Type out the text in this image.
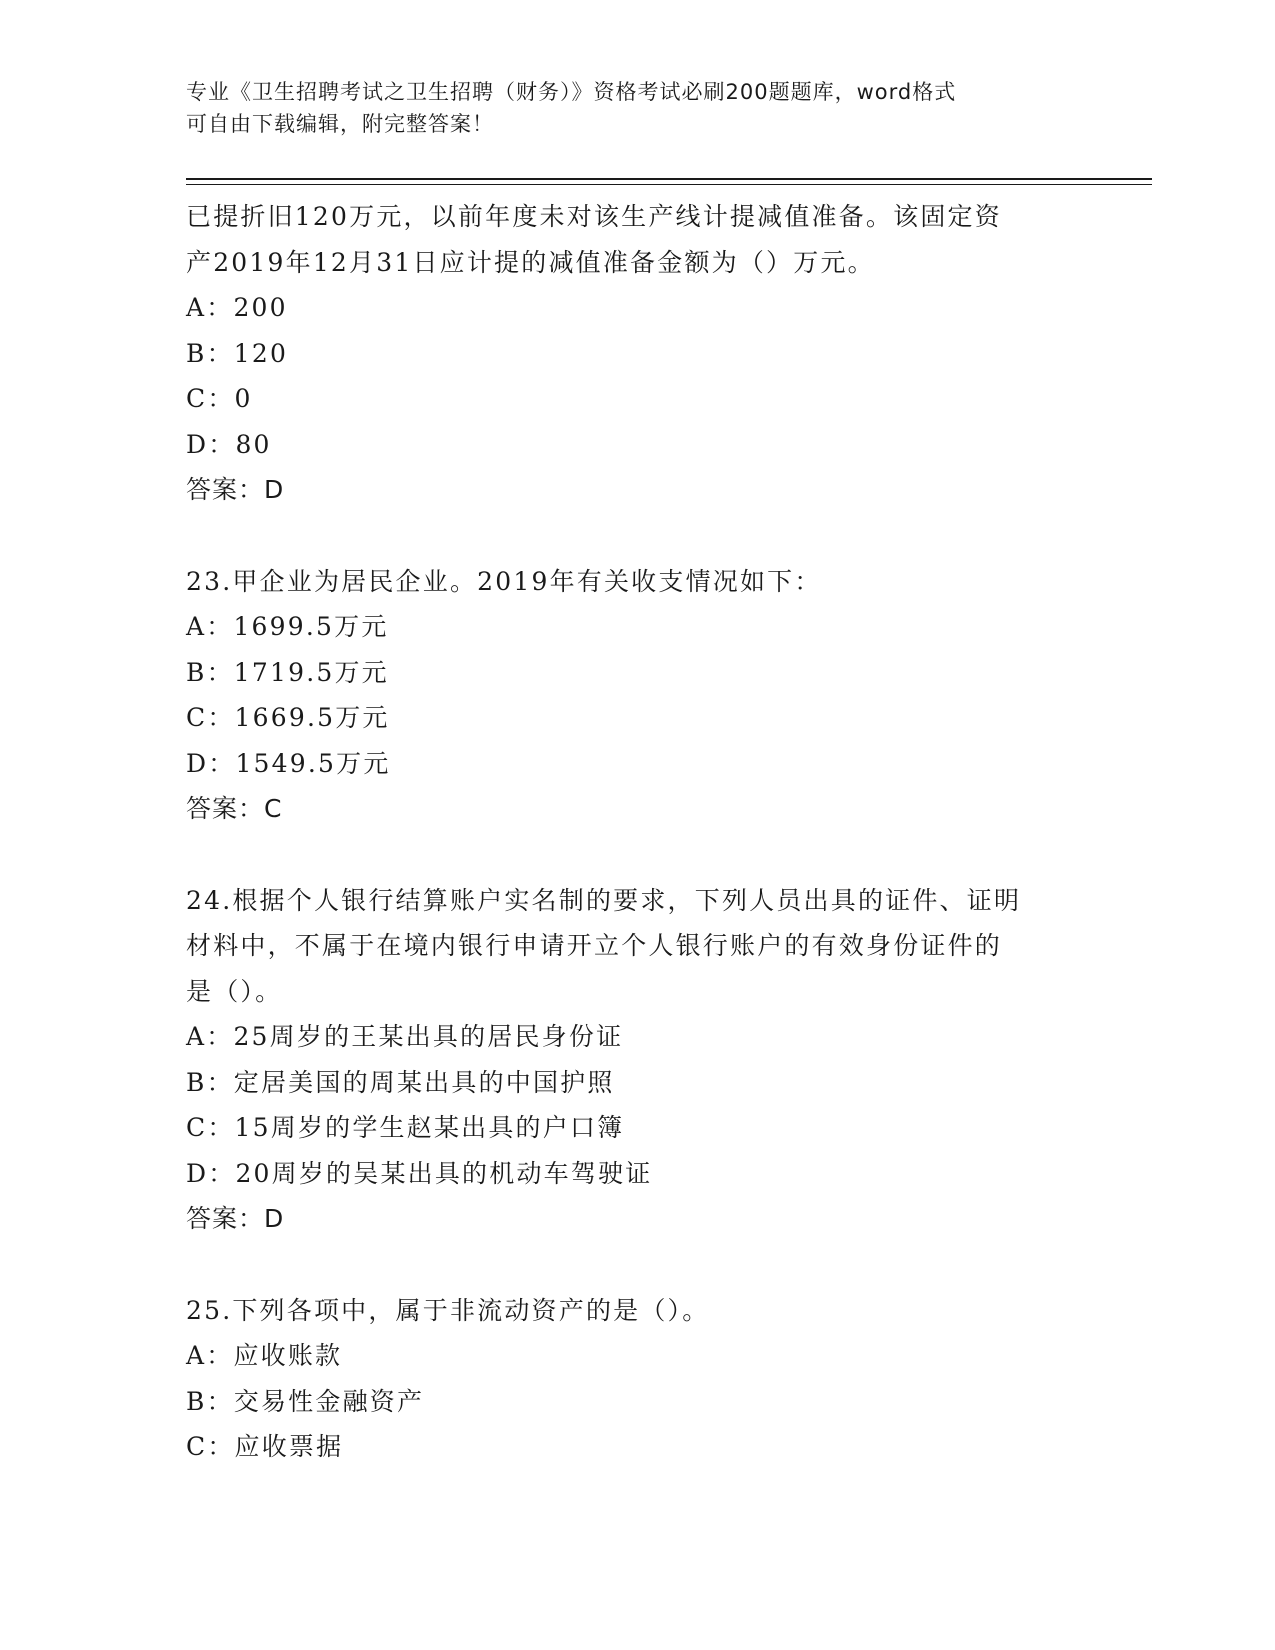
专业《卫生招聘考试之卫生招聘（财务）》资格考试必刷200题题库，word格式
可自由下载编辑，附完整答案！
已提折旧120万元，以前年度未对该生产线计提减值准备。该固定资
产2019年12月31日应计提的减值准备金额为（）万元。
A：200
B：120
C：0
D：80
答案：D
23.甲企业为居民企业。2019年有关收支情况如下：
A：1699.5万元
B：1719.5万元
C：1669.5万元
D：1549.5万元
答案：C
24.根据个人银行结算账户实名制的要求，下列人员出具的证件、证明
材料中，不属于在境内银行申请开立个人银行账户的有效身份证件的
是（）。
A：25周岁的王某出具的居民身份证
B：定居美国的周某出具的中国护照
C：15周岁的学生赵某出具的户口簿
D：20周岁的吴某出具的机动车驾驶证
答案：D
25.下列各项中，属于非流动资产的是（）。
A：应收账款
B：交易性金融资产
C：应收票据
